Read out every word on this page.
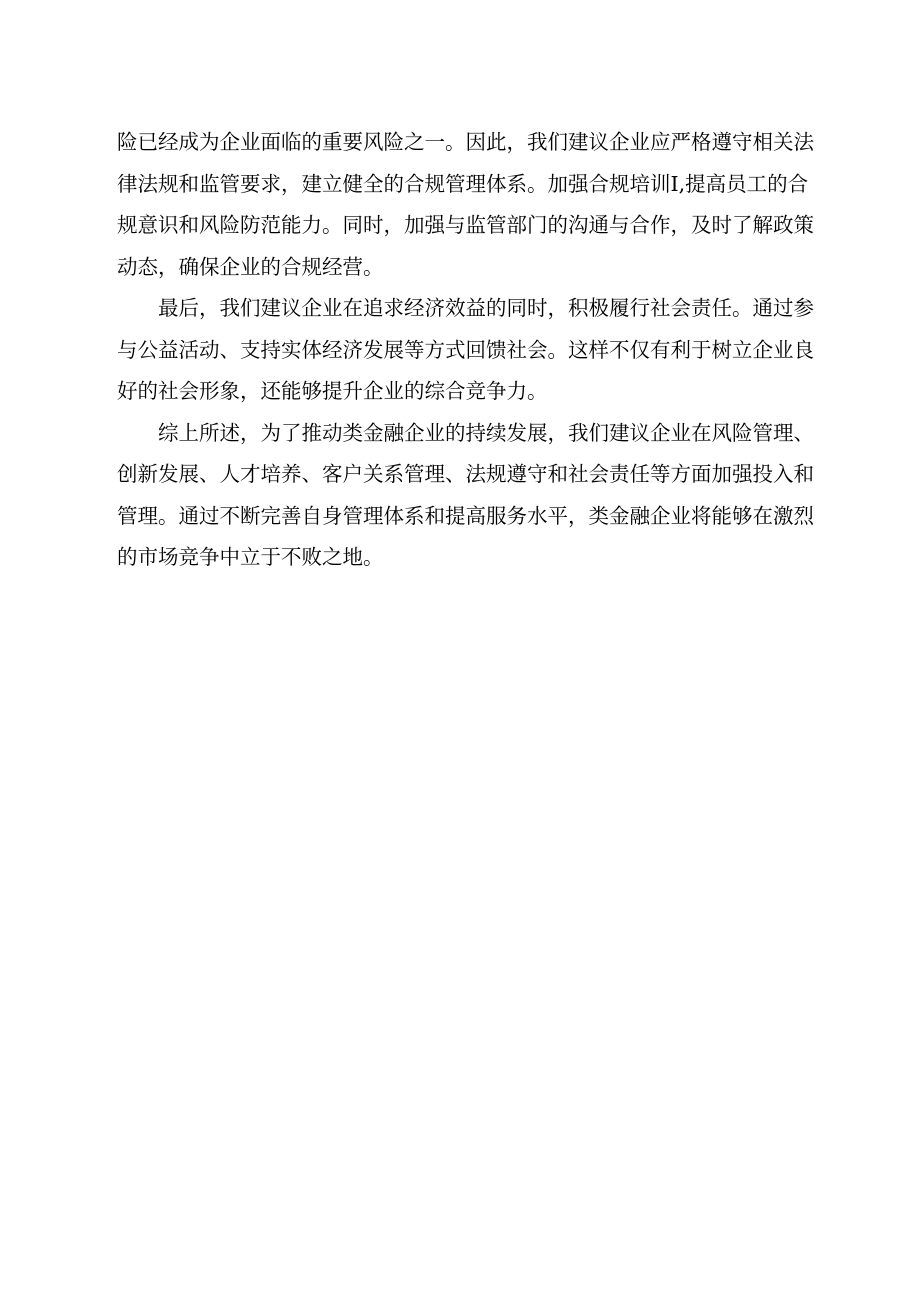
险已经成为企业面临的重要风险之一。因此，我们建议企业应严格遵守相关法
律法规和监管要求，建立健全的合规管理体系。加强合规培训Ⅰ,提高员工的合
规意识和风险防范能力。同时，加强与监管部门的沟通与合作，及时了解政策
动态，确保企业的合规经营。

最后，我们建议企业在追求经济效益的同时，积极履行社会责任。通过参
与公益活动、支持实体经济发展等方式回馈社会。这样不仅有利于树立企业良
好的社会形象，还能够提升企业的综合竞争力。

综上所述，为了推动类金融企业的持续发展，我们建议企业在风险管理、
创新发展、人才培养、客户关系管理、法规遵守和社会责任等方面加强投入和
管理。通过不断完善自身管理体系和提高服务水平，类金融企业将能够在激烈
的市场竞争中立于不败之地。
